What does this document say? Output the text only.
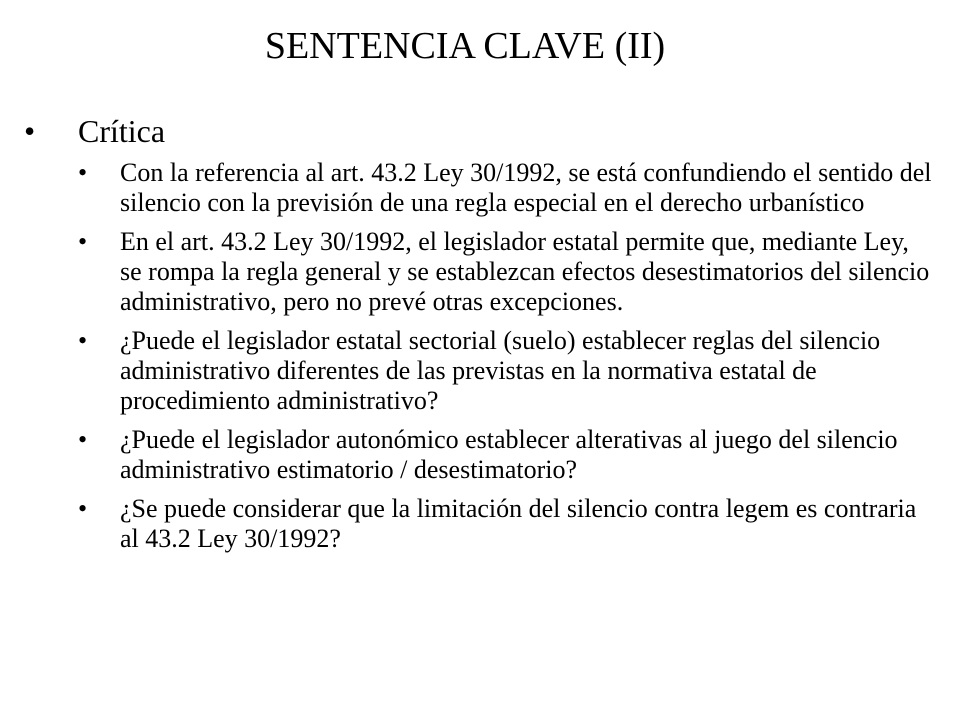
SENTENCIA CLAVE (II)
•	Crítica
•	Con la referencia al art. 43.2 Ley 30/1992, se está confundiendo el sentido del silencio con la previsión de una regla especial en el derecho urbanístico
•	En el art. 43.2 Ley 30/1992, el legislador estatal permite que, mediante Ley, se rompa la regla general y se establezcan efectos desestimatorios del silencio administrativo, pero no prevé otras excepciones.
•	¿Puede el legislador estatal sectorial (suelo) establecer reglas del silencio administrativo diferentes de las previstas en la normativa estatal de procedimiento administrativo?
•	¿Puede el legislador autonómico establecer alterativas al juego del silencio administrativo estimatorio / desestimatorio?
•	¿Se puede considerar que la limitación del silencio contra legem es contraria al 43.2 Ley 30/1992?
